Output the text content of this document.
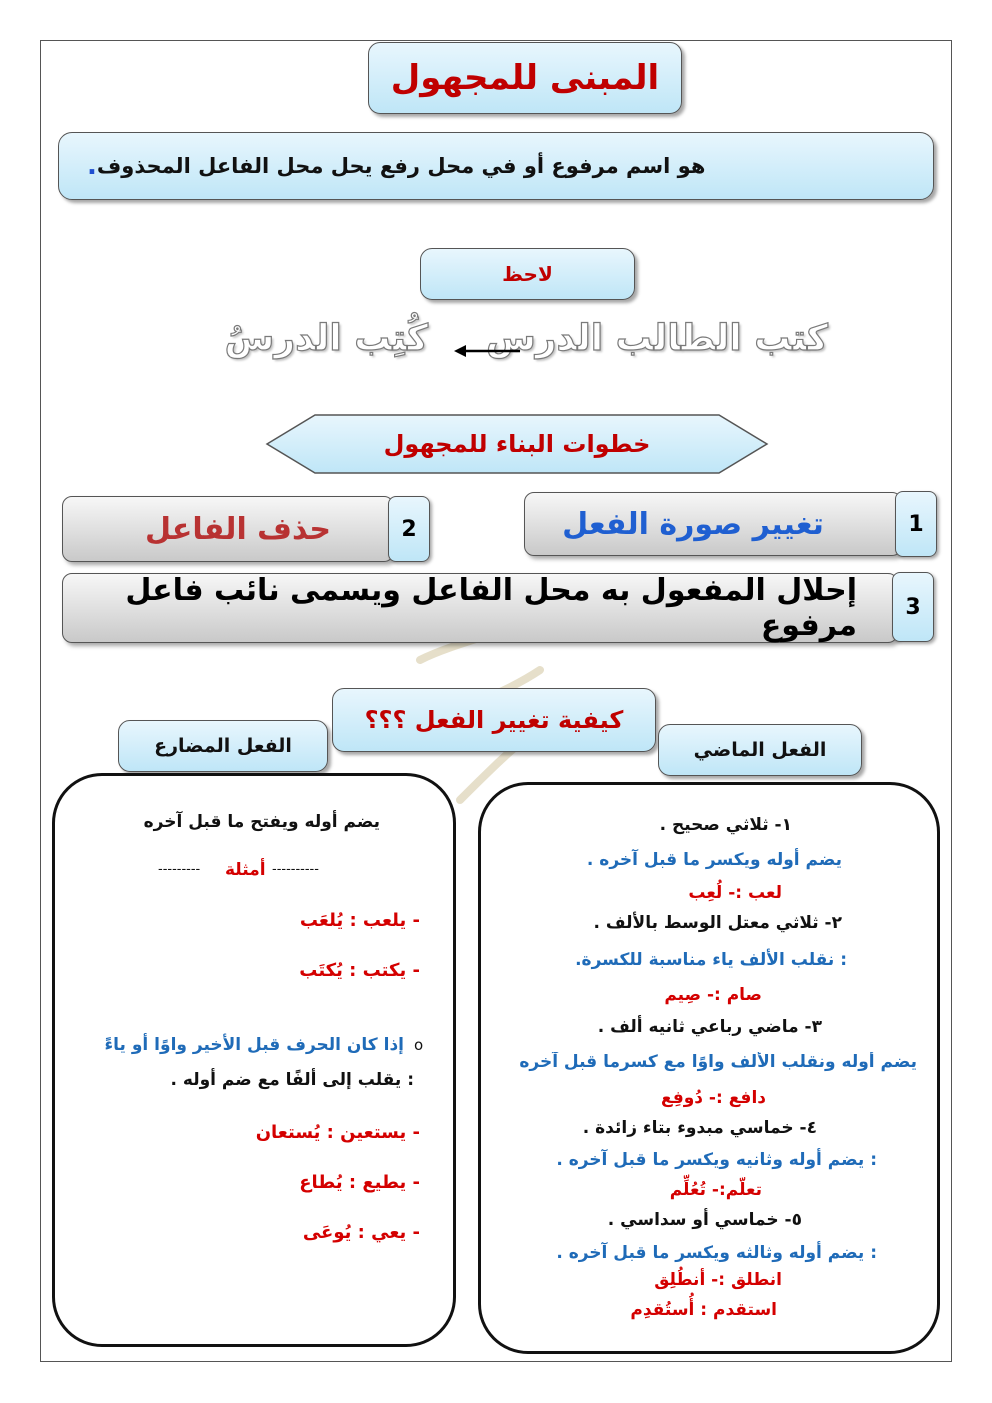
المبنى للمجهول
هو اسم مرفوع أو في محل رفع يحل محل الفاعل المحذوف
.
لاحظ
كتب الطالب الدرس
كُتِب الدرسُ
خطوات البناء للمجهول
تغيير صورة الفعل	1
حذف الفاعل	2
إحلال المفعول به محل الفاعل ويسمى نائب فاعل مرفوع
3
كيفية تغيير الفعل ؟؟؟
الفعل الماضي
الفعل المضارع
يضم أوله ويفتح ما قبل آخره
----------
أمثلة
---------
- يلعب : يُلعَب
- يكتب : يُكتَب
إذا كان الحرف قبل الأخير واوًا أو ياءً o
: يقلب إلى ألفًا مع ضم أوله .
- يستعين : يُستعان
- يطيع : يُطاع
- يعي : يُوعَى
١- ثلاثي صحيح .
يضم أوله ويكسر ما قبل آخره .
لعب :- لُعِب
٢- ثلاثي معتل الوسط بالألف .
: نقلب الألف ياء مناسبة للكسرة.
صام :- صِيم
٣- ماضي رباعي ثانيه ألف .
يضم أوله ونقلب الألف واوًا مع كسرما قبل آخره
دافع :- دُوفِع
٤- خماسي مبدوء بتاء زائدة .
: يضم أوله وثانيه ويكسر ما قبل آخره .
تعلّم:- تُعُلِّم
٥- خماسي أو سداسي .
: يضم أوله وثالثه ويكسر ما قبل آخره .
انطلق :- أنطُلِق
استقدم : أُستُقدِم
